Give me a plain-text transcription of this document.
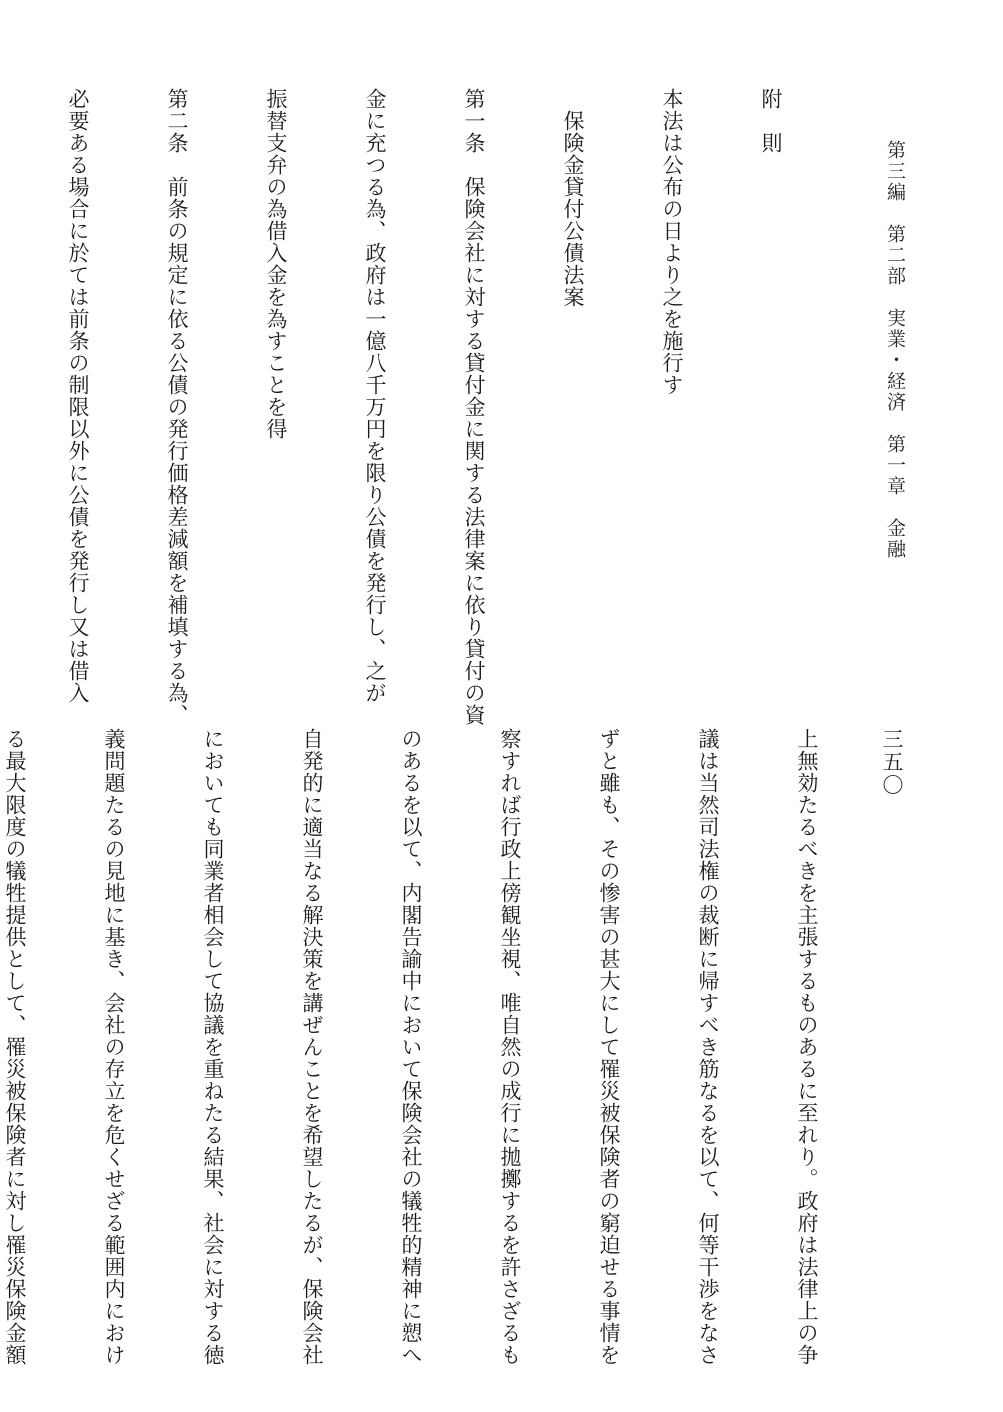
第三編　第二部　実業・経済　第一章　金融

附　則

本法は公布の日より之を施行す

　保険金貸付公債法案

第一条　保険会社に対する貸付金に関する法律案に依り貸付の資

金に充つる為、政府は一億八千万円を限り公債を発行し、之が

振替支弁の為借入金を為すことを得

第二条　前条の規定に依る公債の発行価格差減額を補填する為、

必要ある場合に於ては前条の制限以外に公債を発行し又は借入

三五〇

上無効たるべきを主張するものあるに至れり。政府は法律上の争

議は当然司法権の裁断に帰すべき筋なるを以て、何等干渉をなさ

ずと雖も、その惨害の甚大にして罹災被保険者の窮迫せる事情を

察すれば行政上傍観坐視、唯自然の成行に拋擲するを許さざるも

のあるを以て、内閣告諭中において保険会社の犠牲的精神に愬へ

自発的に適当なる解決策を講ぜんことを希望したるが、保険会社

においても同業者相会して協議を重ねたる結果、社会に対する徳

義問題たるの見地に基き、会社の存立を危くせざる範囲内におけ

る最大限度の犠牲提供として、罹災被保険者に対し罹災保険金額
